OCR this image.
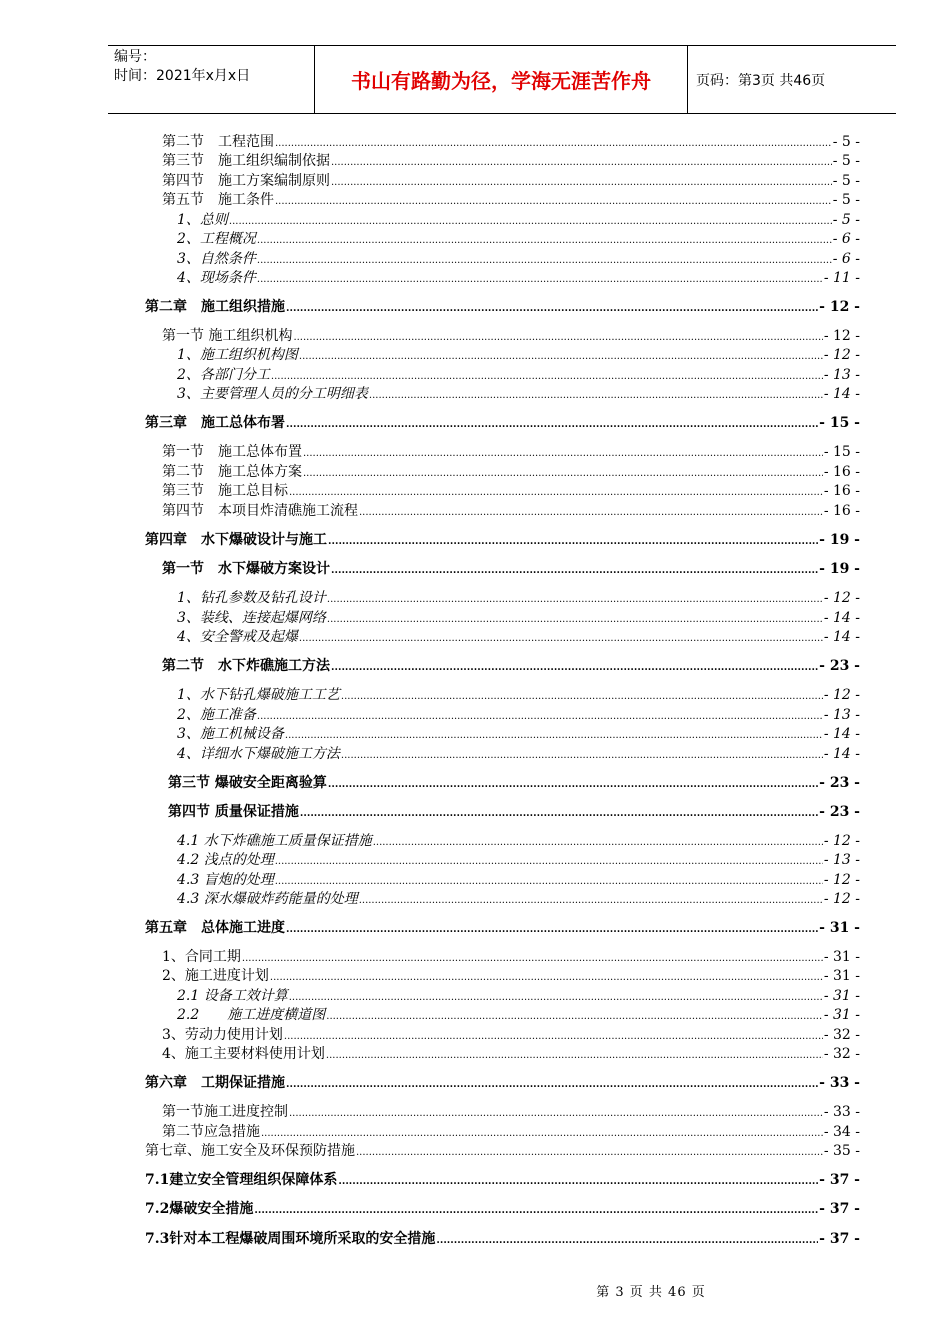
编号：
时间：2021年x月x日	书山有路勤为径，学海无涯苦作舟	页码：第3页 共46页
第二节　工程范围 .....	- 5 -
第三节　施工组织编制依据 .....	- 5 -
第四节　施工方案编制原则 .....	- 5 -
第五节　施工条件 .....	- 5 -
1、总则 .....	- 5 -
2、工程概况 .....	- 6 -
3、自然条件 .....	- 6 -
4、现场条件 .....	- 11 -
第二章　施工组织措施 .....	- 12 -
第一节 施工组织机构 .....	- 12 -
1、施工组织机构图 .....	- 12 -
2、各部门分工 .....	- 13 -
3、主要管理人员的分工明细表 .....	- 14 -
第三章　施工总体布署 .....	- 15 -
第一节　施工总体布置 .....	- 15 -
第二节　施工总体方案 .....	- 16 -
第三节　施工总目标 .....	- 16 -
第四节　本项目炸清礁施工流程 .....	- 16 -
第四章　水下爆破设计与施工 .....	- 19 -
第一节　水下爆破方案设计 .....	- 19 -
1、钻孔参数及钻孔设计 .....	- 12 -
3、装线、连接起爆网络 .....	- 14 -
4、安全警戒及起爆 .....	- 14 -
第二节　水下炸礁施工方法 .....	- 23 -
1、水下钻孔爆破施工工艺 .....	- 12 -
2、施工准备 .....	- 13 -
3、施工机械设备 .....	- 14 -
4、详细水下爆破施工方法 .....	- 14 -
第三节 爆破安全距离验算 .....	- 23 -
第四节 质量保证措施 .....	- 23 -
4.1 水下炸礁施工质量保证措施 .....	- 12 -
4.2 浅点的处理 .....	- 13 -
4.3 盲炮的处理 .....	- 12 -
4.3 深水爆破炸药能量的处理 .....	- 12 -
第五章　总体施工进度 .....	- 31 -
1、合同工期 .....	- 31 -
2、施工进度计划 .....	- 31 -
2.1 设备工效计算 .....	- 31 -
2.2　　施工进度横道图 .....	- 31 -
3、劳动力使用计划 .....	- 32 -
4、施工主要材料使用计划 .....	- 32 -
第六章　工期保证措施 .....	- 33 -
第一节施工进度控制 .....	- 33 -
第二节应急措施 .....	- 34 -
第七章、施工安全及环保预防措施 .....	- 35 -
7.1建立安全管理组织保障体系 .....	- 37 -
7.2爆破安全措施 .....	- 37 -
7.3针对本工程爆破周围环境所采取的安全措施 .....	- 37 -
第 3 页 共 46 页
